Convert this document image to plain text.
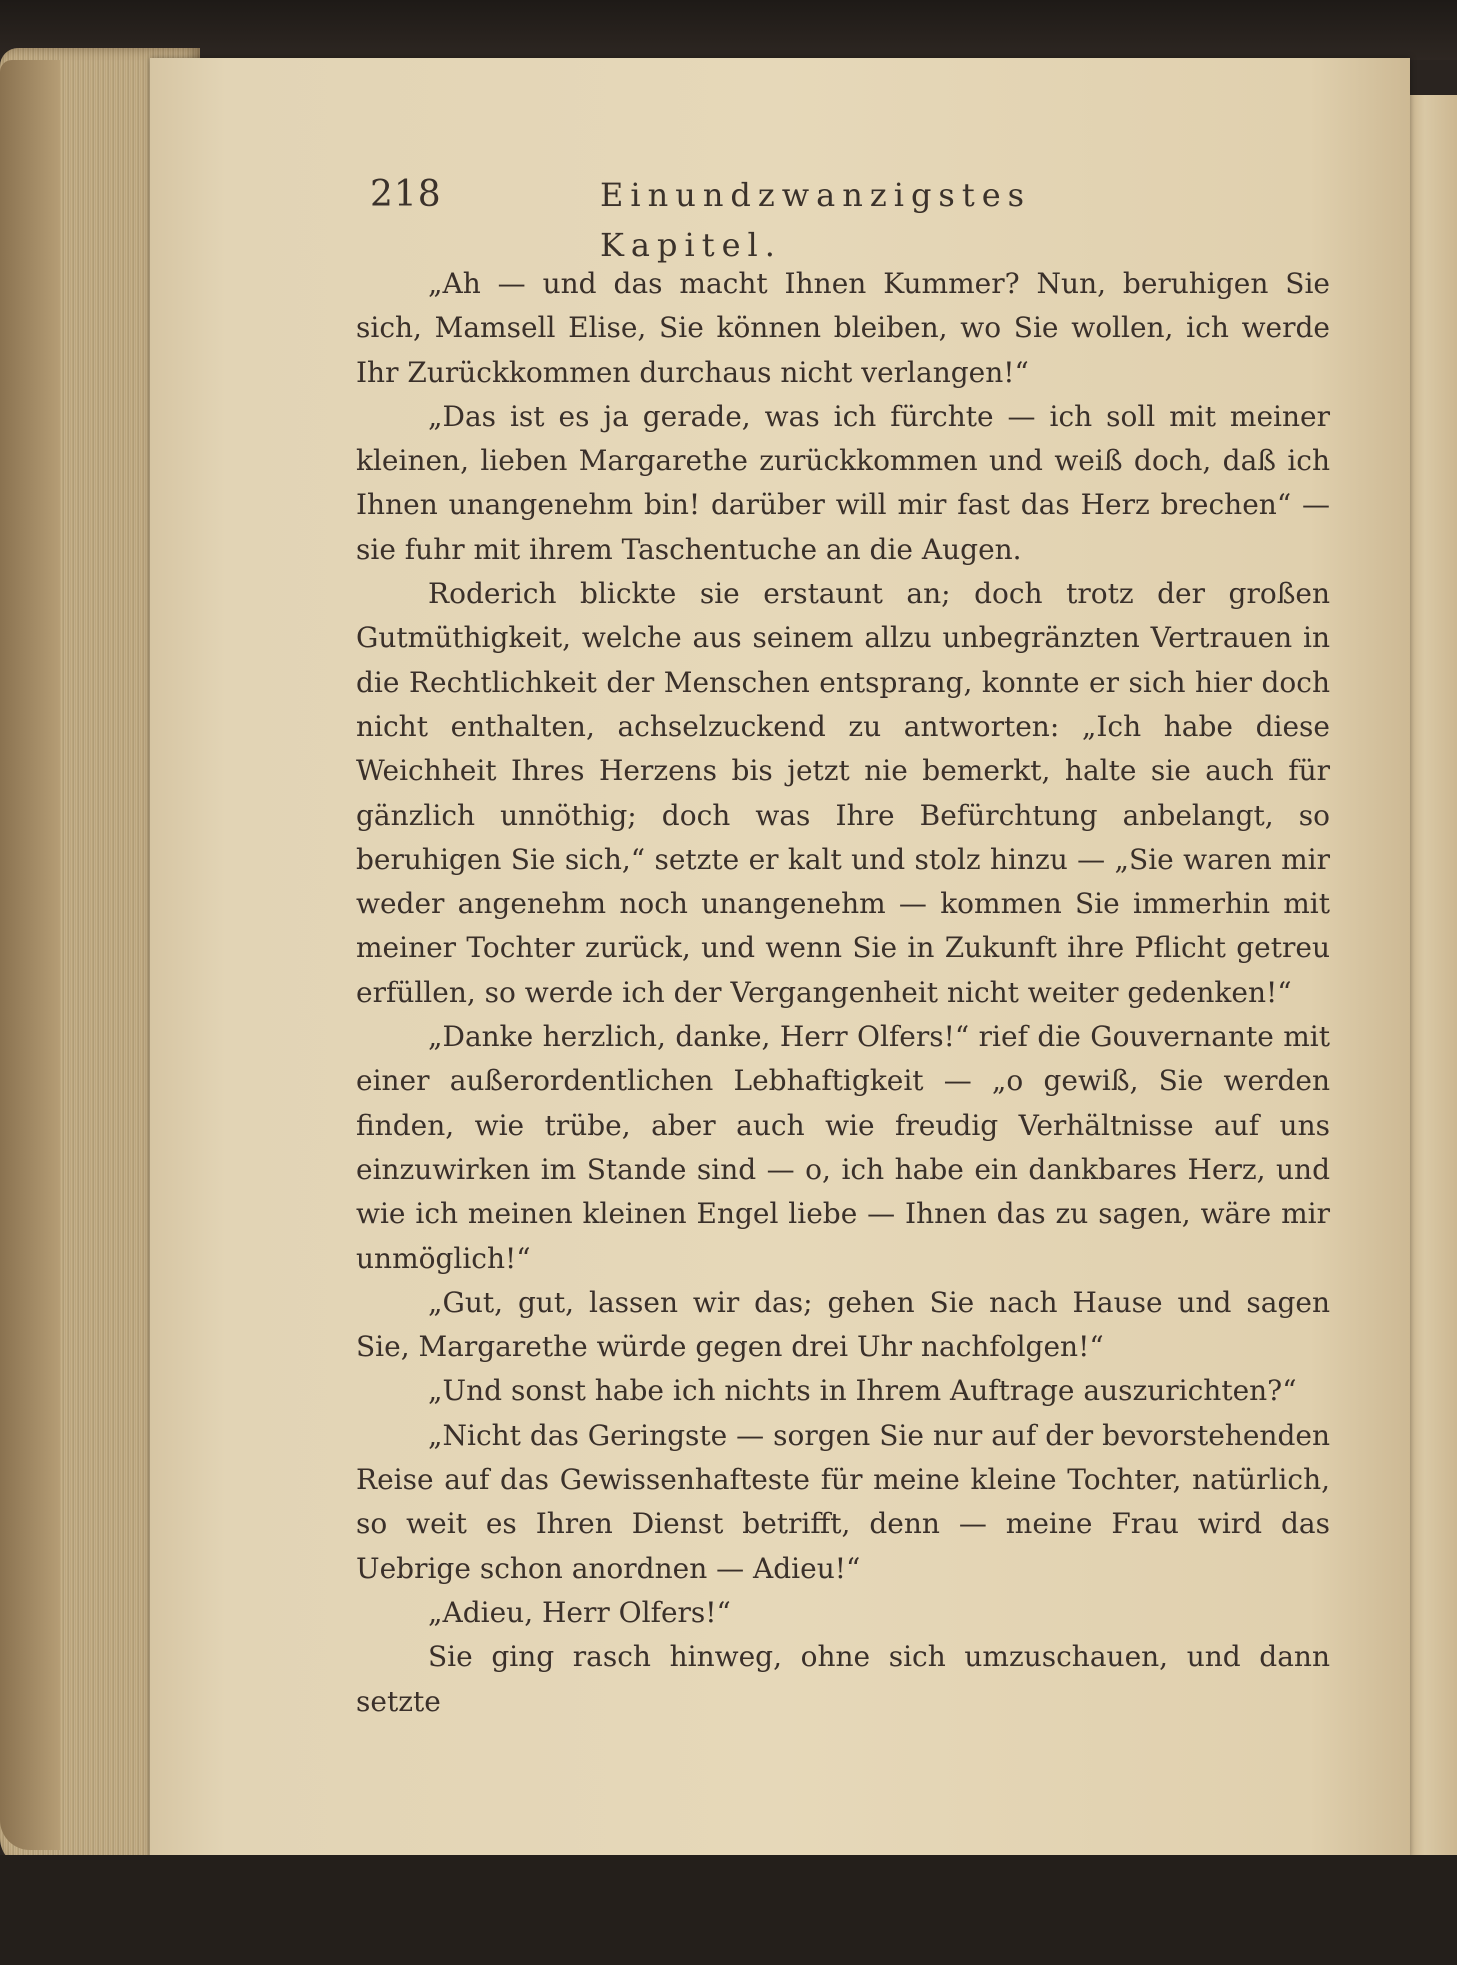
218	Einundzwanzigstes Kapitel.

„Ah — und das macht Ihnen Kummer? Nun, beruhigen Sie sich, Mamsell Elise, Sie können bleiben, wo Sie wollen, ich werde Ihr Zurückkommen durchaus nicht verlangen!“

„Das ist es ja gerade, was ich fürchte — ich soll mit meiner kleinen, lieben Margarethe zurückkommen und weiß doch, daß ich Ihnen unangenehm bin! darüber will mir fast das Herz brechen“ — sie fuhr mit ihrem Taschentuche an die Augen.

Roderich blickte sie erstaunt an; doch trotz der großen Gutmüthigkeit, welche aus seinem allzu unbegränzten Vertrauen in die Rechtlichkeit der Menschen entsprang, konnte er sich hier doch nicht enthalten, achselzuckend zu antworten: „Ich habe diese Weichheit Ihres Herzens bis jetzt nie bemerkt, halte sie auch für gänzlich unnöthig; doch was Ihre Befürchtung anbelangt, so beruhigen Sie sich,“ setzte er kalt und stolz hinzu — „Sie waren mir weder angenehm noch unangenehm — kommen Sie immerhin mit meiner Tochter zurück, und wenn Sie in Zukunft ihre Pflicht getreu erfüllen, so werde ich der Vergangenheit nicht weiter gedenken!“

„Danke herzlich, danke, Herr Olfers!“ rief die Gouvernante mit einer außerordentlichen Lebhaftigkeit — „o gewiß, Sie werden finden, wie trübe, aber auch wie freudig Verhältnisse auf uns einzuwirken im Stande sind — o, ich habe ein dankbares Herz, und wie ich meinen kleinen Engel liebe — Ihnen das zu sagen, wäre mir unmöglich!“

„Gut, gut, lassen wir das; gehen Sie nach Hause und sagen Sie, Margarethe würde gegen drei Uhr nachfolgen!“

„Und sonst habe ich nichts in Ihrem Auftrage auszurichten?“

„Nicht das Geringste — sorgen Sie nur auf der bevorstehenden Reise auf das Gewissenhafteste für meine kleine Tochter, natürlich, so weit es Ihren Dienst betrifft, denn — meine Frau wird das Uebrige schon anordnen — Adieu!“

„Adieu, Herr Olfers!“

Sie ging rasch hinweg, ohne sich umzuschauen, und dann setzte
